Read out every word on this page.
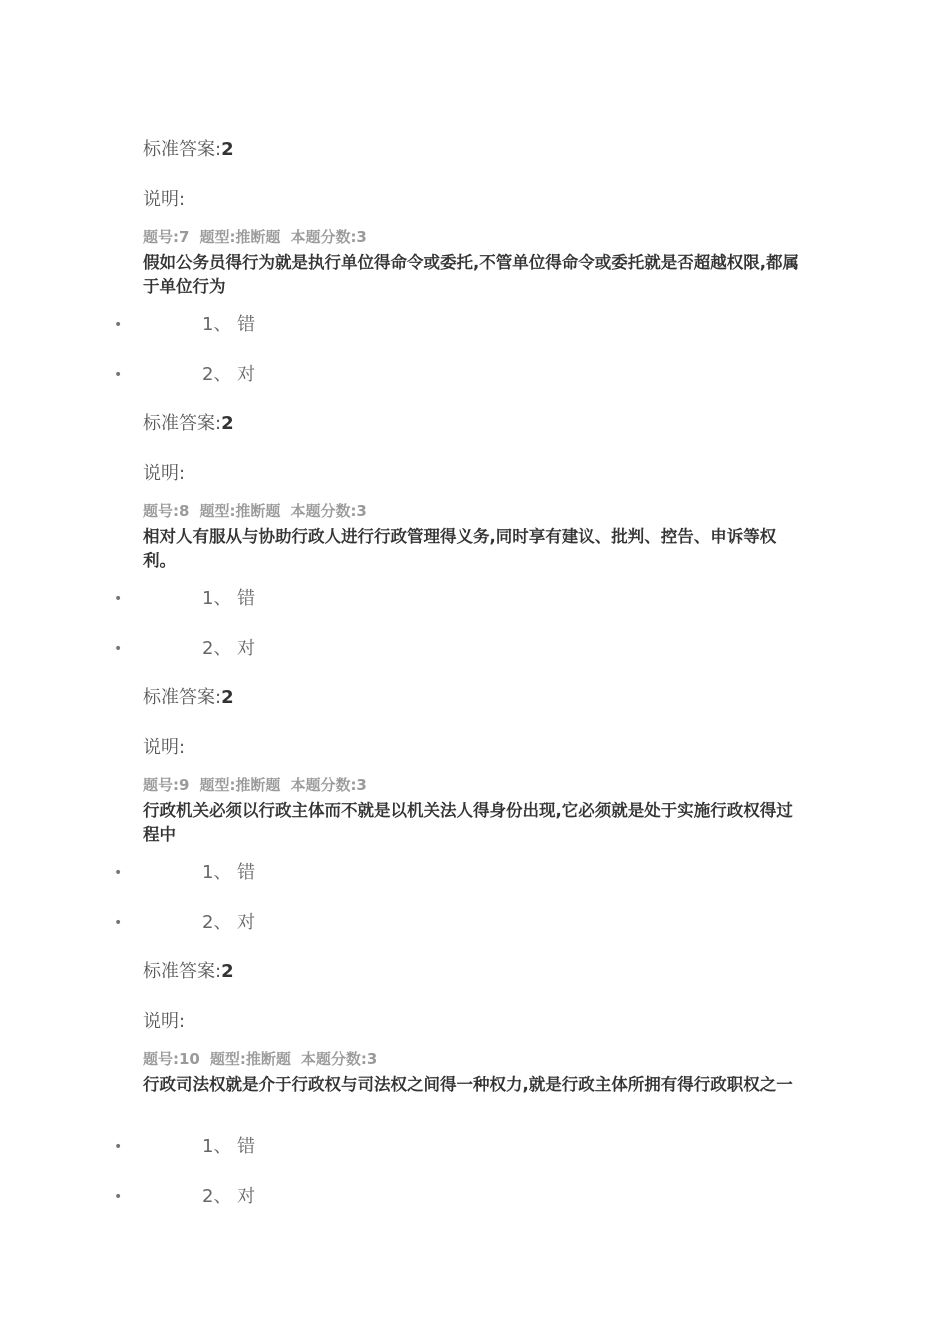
标准答案:2
说明:
题号:7 题型:推断题 本题分数:3
假如公务员得行为就是执行单位得命令或委托,不管单位得命令或委托就是否超越权限,都属于单位行为
•	1、 错
•	2、 对
标准答案:2
说明:
题号:8 题型:推断题 本题分数:3
相对人有服从与协助行政人进行行政管理得义务,同时享有建议、批判、控告、申诉等权利。
•	1、 错
•	2、 对
标准答案:2
说明:
题号:9 题型:推断题 本题分数:3
行政机关必须以行政主体而不就是以机关法人得身份出现,它必须就是处于实施行政权得过程中
•	1、 错
•	2、 对
标准答案:2
说明:
题号:10 题型:推断题 本题分数:3
行政司法权就是介于行政权与司法权之间得一种权力,就是行政主体所拥有得行政职权之一
•	1、 错
•	2、 对
